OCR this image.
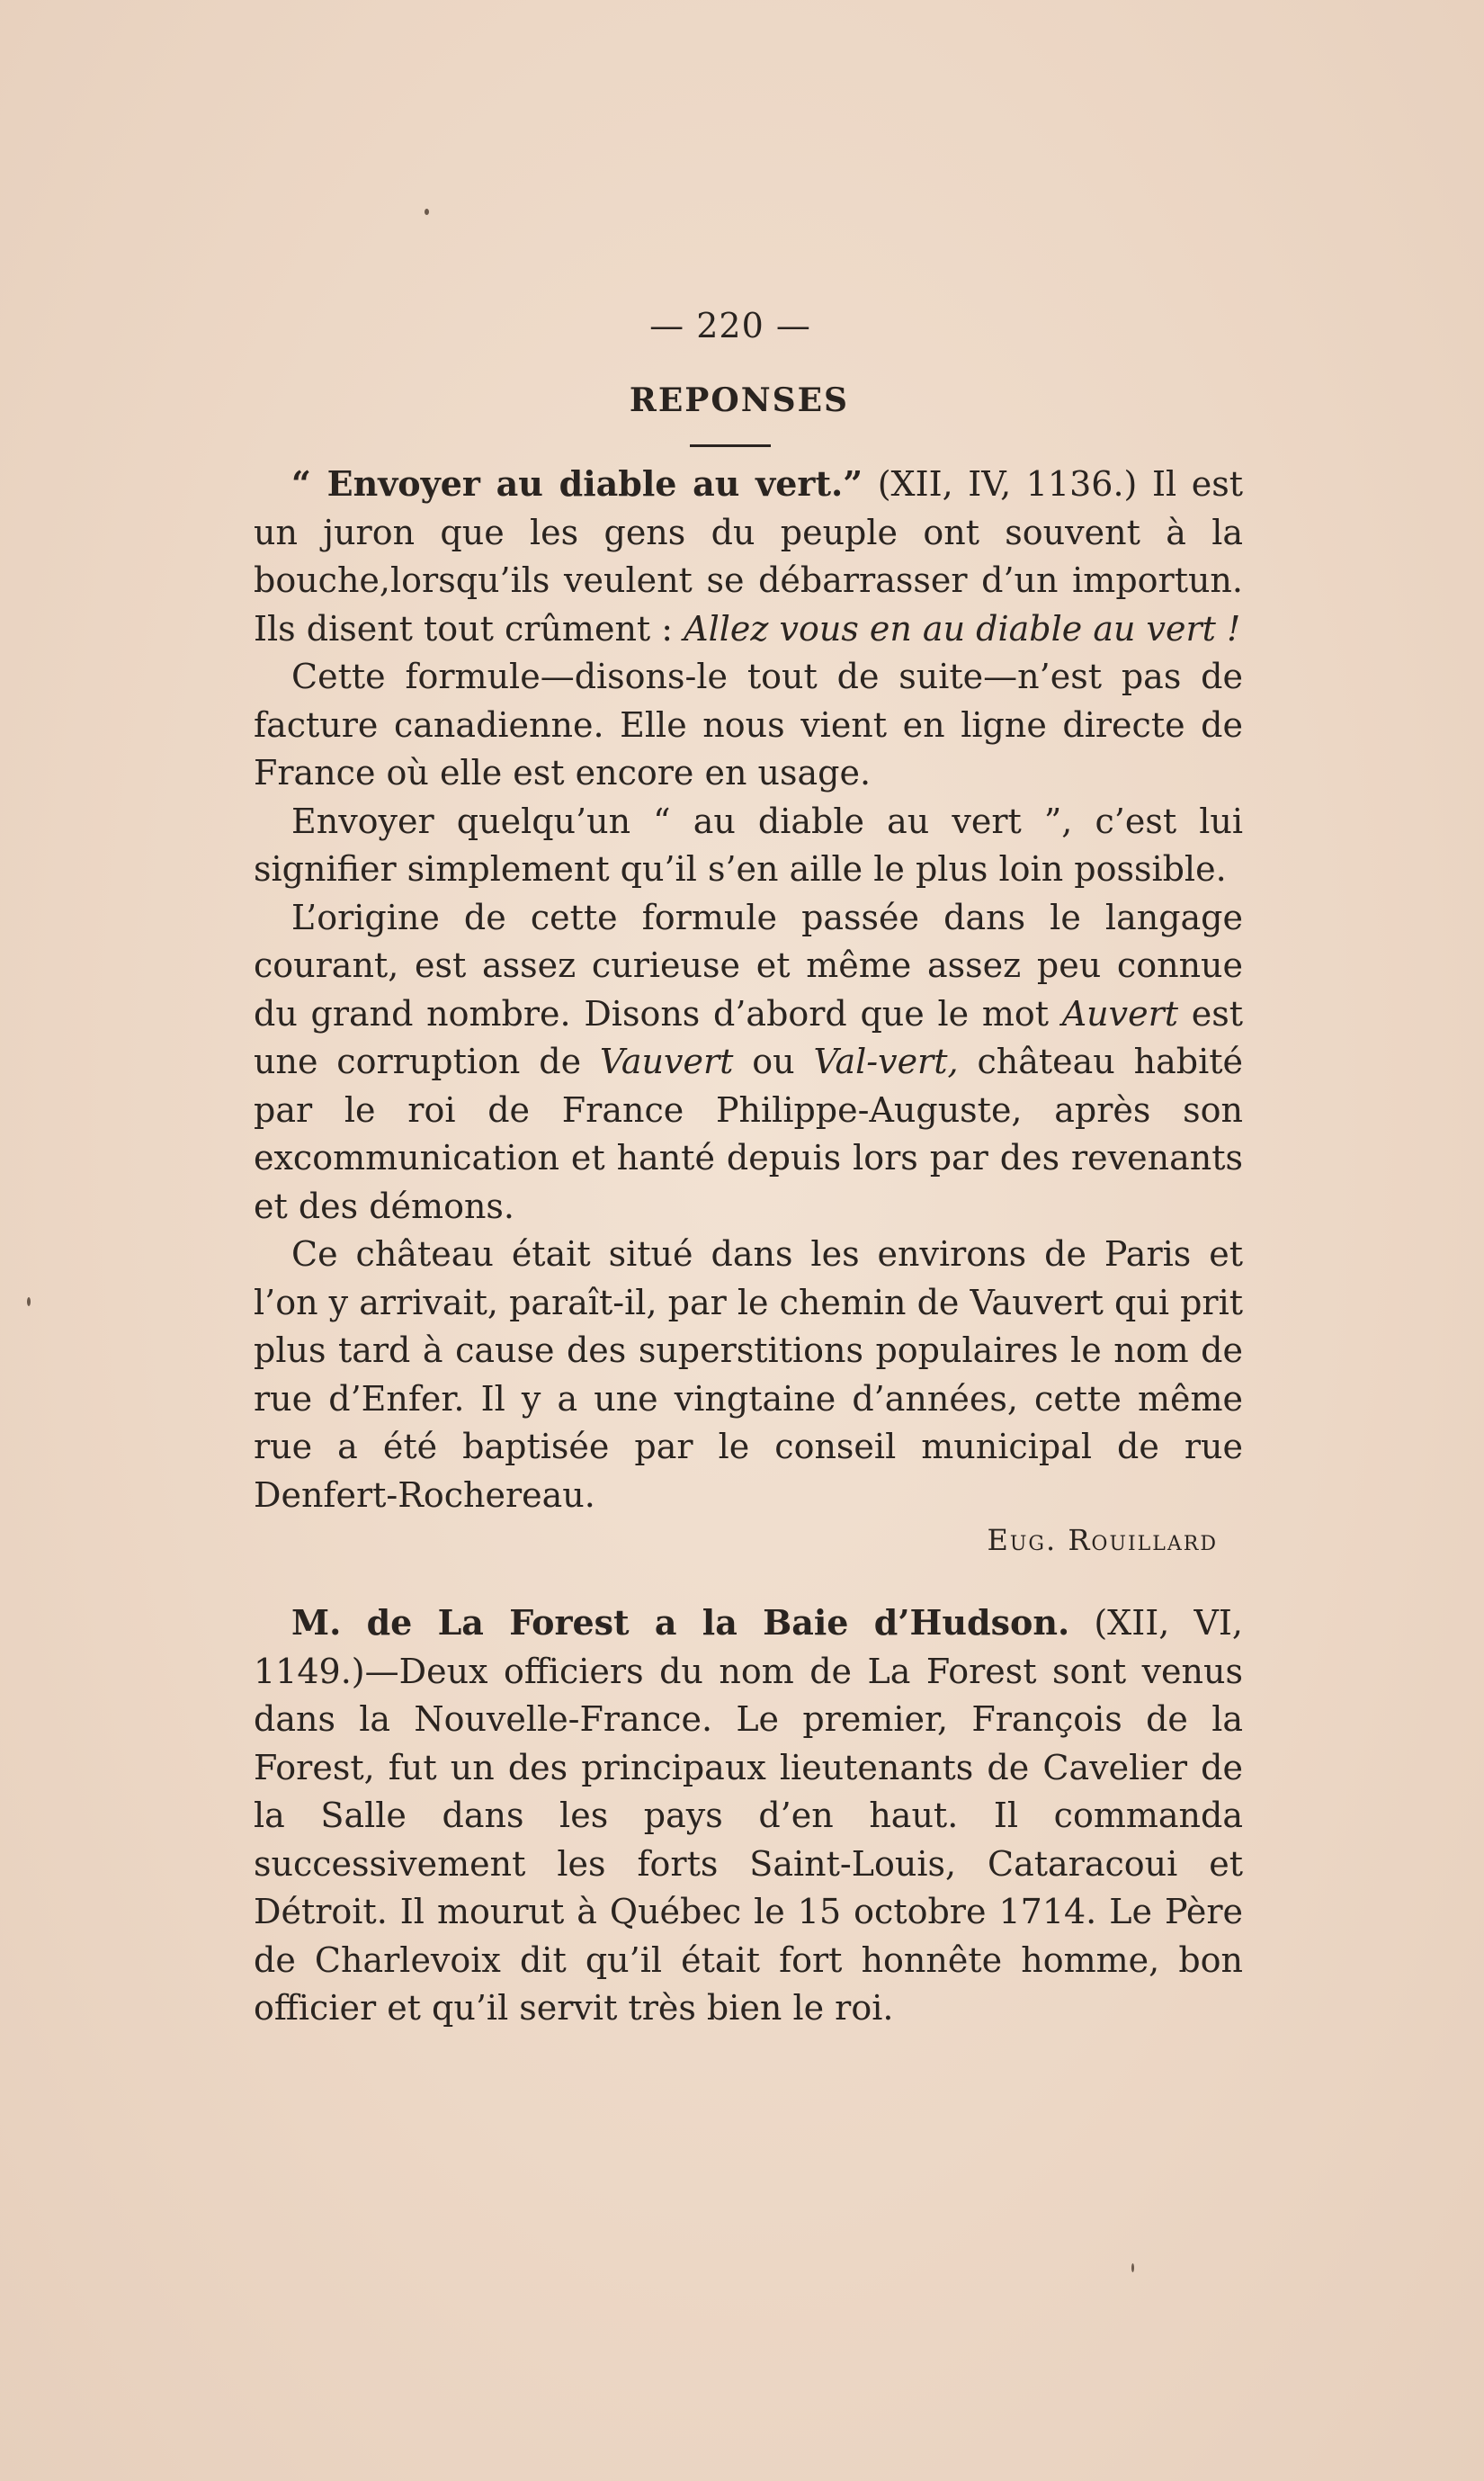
— 220 —
REPONSES

“ Envoyer au diable au vert.” (XII, IV, 1136.) Il est un juron que les gens du peuple ont souvent à la bouche,lorsqu’ils veulent se débarrasser d’un importun. Ils disent tout crûment : Allez vous en au diable au vert !

Cette formule—disons-le tout de suite—n’est pas de facture canadienne. Elle nous vient en ligne directe de France où elle est encore en usage.

Envoyer quelqu’un “ au diable au vert ”, c’est lui signifier simplement qu’il s’en aille le plus loin possible.

L’origine de cette formule passée dans le langage courant, est assez curieuse et même assez peu connue du grand nombre. Disons d’abord que le mot Auvert est une corruption de Vauvert ou Val-vert, château habité par le roi de France Philippe-Auguste, après son excommunication et hanté depuis lors par des revenants et des démons.

Ce château était situé dans les environs de Paris et l’on y arrivait, paraît-il, par le chemin de Vauvert qui prit plus tard à cause des superstitions populaires le nom de rue d’Enfer. Il y a une vingtaine d’années, cette même rue a été baptisée par le conseil municipal de rue Denfert-Rochereau.

Eug. Rouillard

M. de La Forest a la Baie d’Hudson. (XII, VI, 1149.)—Deux officiers du nom de La Forest sont venus dans la Nouvelle-France. Le premier, François de la Forest, fut un des principaux lieutenants de Cavelier de la Salle dans les pays d’en haut. Il commanda successivement les forts Saint-Louis, Cataracoui et Détroit. Il mourut à Québec le 15 octobre 1714. Le Père de Charlevoix dit qu’il était fort honnête homme, bon officier et qu’il servit très bien le roi.
